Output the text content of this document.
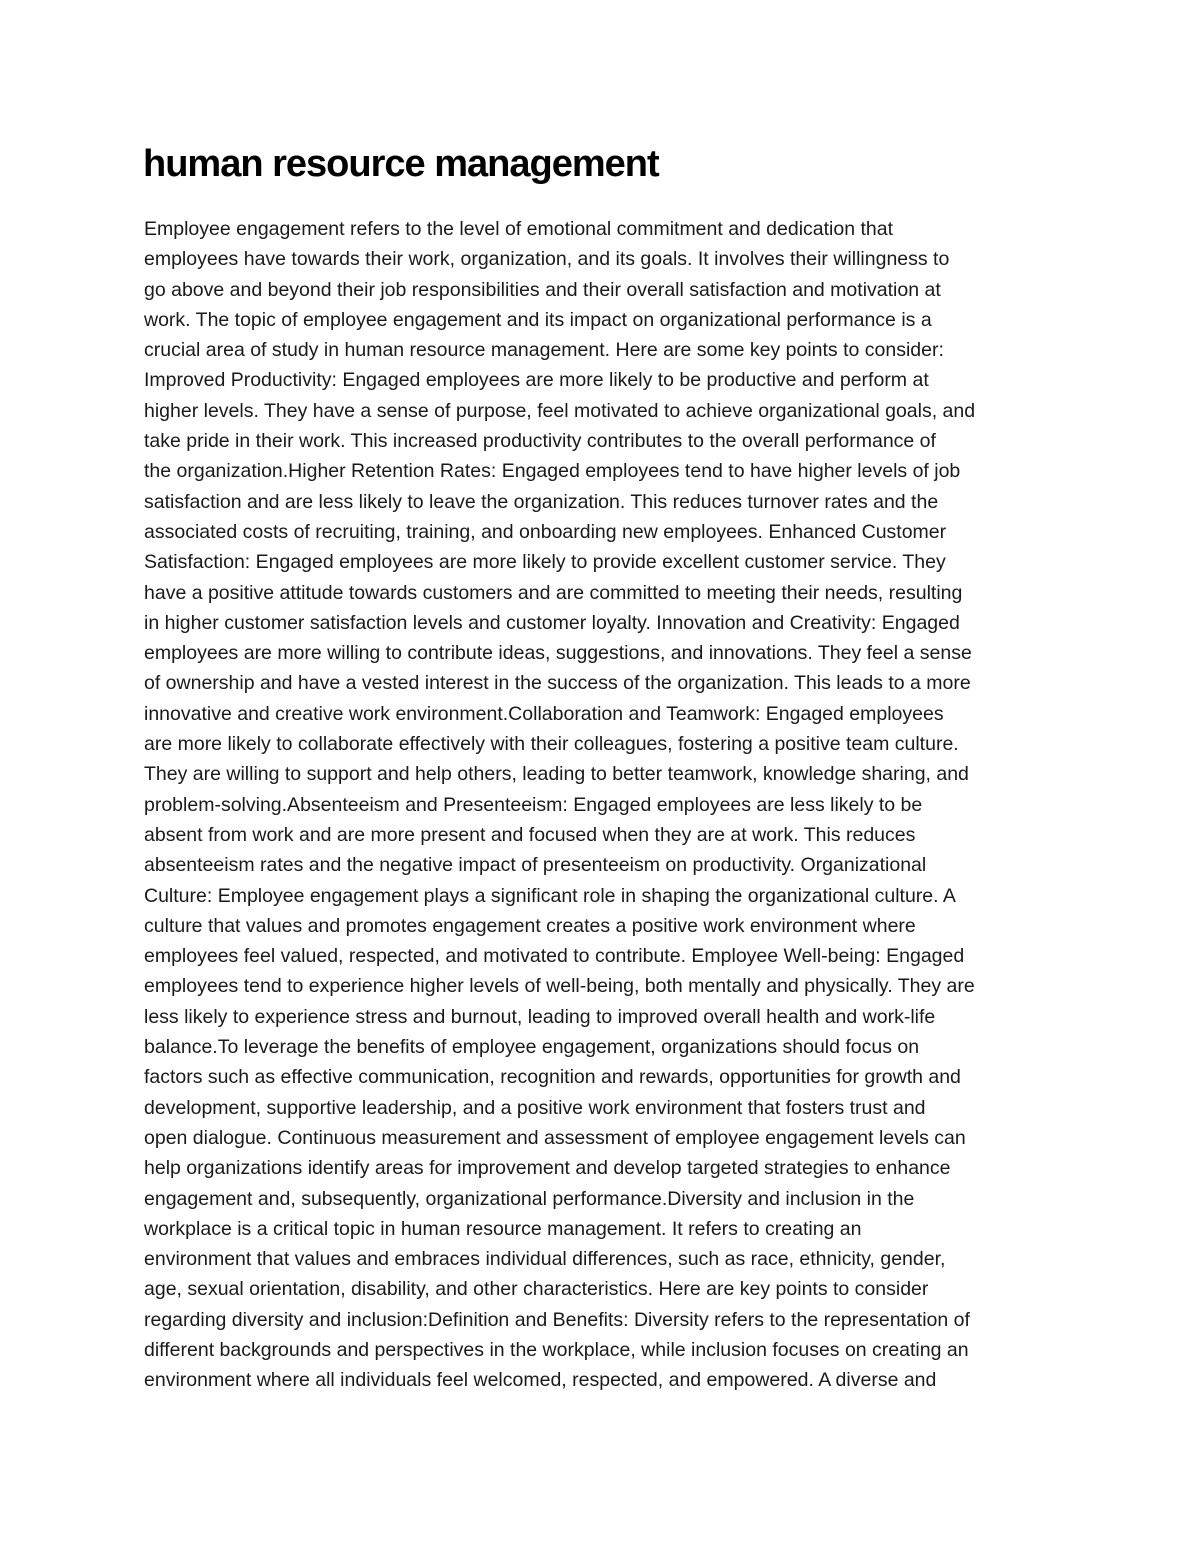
human resource management
Employee engagement refers to the level of emotional commitment and dedication that
employees have towards their work, organization, and its goals. It involves their willingness to
go above and beyond their job responsibilities and their overall satisfaction and motivation at
work. The topic of employee engagement and its impact on organizational performance is a
crucial area of study in human resource management. Here are some key points to consider:
Improved Productivity: Engaged employees are more likely to be productive and perform at
higher levels. They have a sense of purpose, feel motivated to achieve organizational goals, and
take pride in their work. This increased productivity contributes to the overall performance of
the organization.Higher Retention Rates: Engaged employees tend to have higher levels of job
satisfaction and are less likely to leave the organization. This reduces turnover rates and the
associated costs of recruiting, training, and onboarding new employees. Enhanced Customer
Satisfaction: Engaged employees are more likely to provide excellent customer service. They
have a positive attitude towards customers and are committed to meeting their needs, resulting
in higher customer satisfaction levels and customer loyalty. Innovation and Creativity: Engaged
employees are more willing to contribute ideas, suggestions, and innovations. They feel a sense
of ownership and have a vested interest in the success of the organization. This leads to a more
innovative and creative work environment.Collaboration and Teamwork: Engaged employees
are more likely to collaborate effectively with their colleagues, fostering a positive team culture.
They are willing to support and help others, leading to better teamwork, knowledge sharing, and
problem-solving.Absenteeism and Presenteeism: Engaged employees are less likely to be
absent from work and are more present and focused when they are at work. This reduces
absenteeism rates and the negative impact of presenteeism on productivity. Organizational
Culture: Employee engagement plays a significant role in shaping the organizational culture. A
culture that values and promotes engagement creates a positive work environment where
employees feel valued, respected, and motivated to contribute. Employee Well-being: Engaged
employees tend to experience higher levels of well-being, both mentally and physically. They are
less likely to experience stress and burnout, leading to improved overall health and work-life
balance.To leverage the benefits of employee engagement, organizations should focus on
factors such as effective communication, recognition and rewards, opportunities for growth and
development, supportive leadership, and a positive work environment that fosters trust and
open dialogue. Continuous measurement and assessment of employee engagement levels can
help organizations identify areas for improvement and develop targeted strategies to enhance
engagement and, subsequently, organizational performance.Diversity and inclusion in the
workplace is a critical topic in human resource management. It refers to creating an
environment that values and embraces individual differences, such as race, ethnicity, gender,
age, sexual orientation, disability, and other characteristics. Here are key points to consider
regarding diversity and inclusion:Definition and Benefits: Diversity refers to the representation of
different backgrounds and perspectives in the workplace, while inclusion focuses on creating an
environment where all individuals feel welcomed, respected, and empowered. A diverse and
